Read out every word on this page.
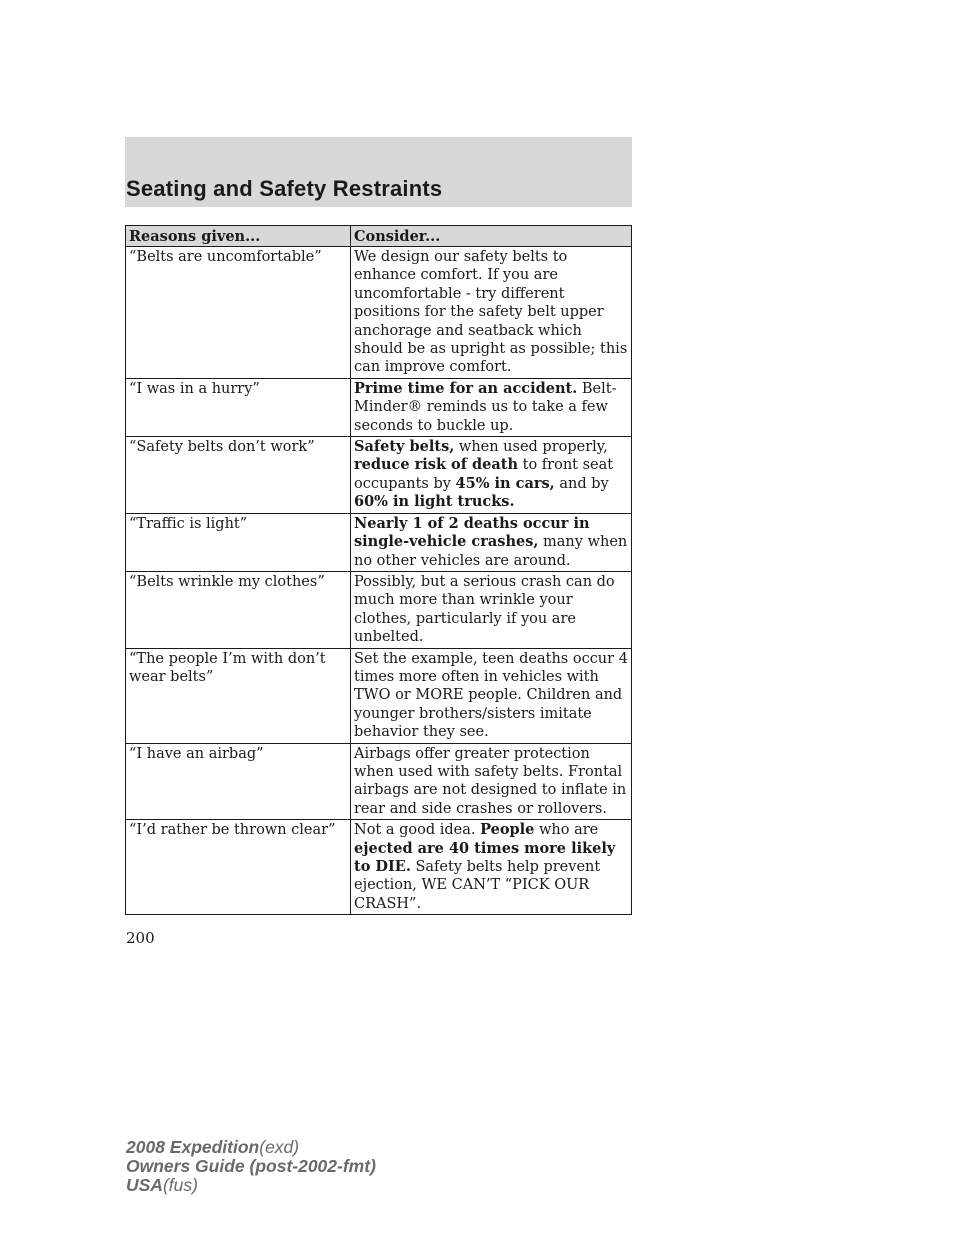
Seating and Safety Restraints
Reasons given...	Consider...
“Belts are uncomfortable”	We design our safety belts to enhance comfort. If you are uncomfortable - try different positions for the safety belt upper anchorage and seatback which should be as upright as possible; this can improve comfort.
“I was in a hurry”	Prime time for an accident. Belt-Minder® reminds us to take a few seconds to buckle up.
“Safety belts don’t work”	Safety belts, when used properly, reduce risk of death to front seat occupants by 45% in cars, and by 60% in light trucks.
“Traffic is light”	Nearly 1 of 2 deaths occur in single-vehicle crashes, many when no other vehicles are around.
“Belts wrinkle my clothes”	Possibly, but a serious crash can do much more than wrinkle your clothes, particularly if you are unbelted.
“The people I’m with don’t wear belts”	Set the example, teen deaths occur 4 times more often in vehicles with TWO or MORE people. Children and younger brothers/sisters imitate behavior they see.
“I have an airbag”	Airbags offer greater protection when used with safety belts. Frontal airbags are not designed to inflate in rear and side crashes or rollovers.
“I’d rather be thrown clear”	Not a good idea. People who are ejected are 40 times more likely to DIE. Safety belts help prevent ejection, WE CAN’T “PICK OUR CRASH”.
200
2008 Expedition(exd)
Owners Guide (post-2002-fmt)
USA(fus)
